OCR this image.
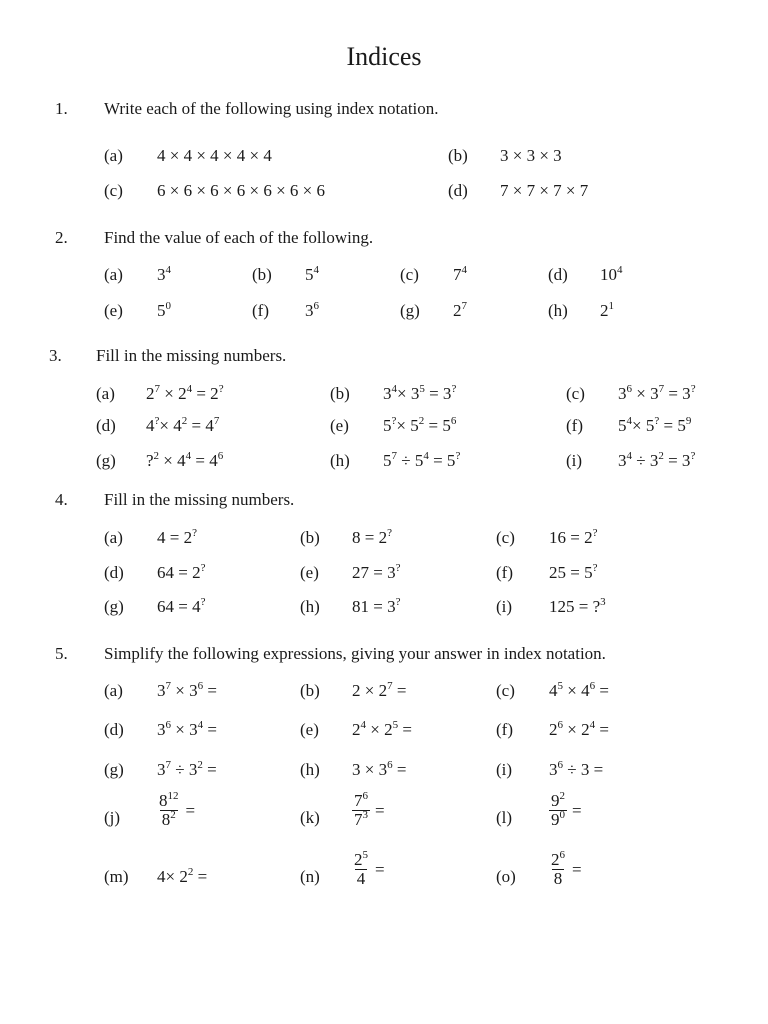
Indices
1. Write each of the following using index notation.
(a) 4 × 4 × 4 × 4 × 4	(b) 3 × 3 × 3
(c) 6 × 6 × 6 × 6 × 6 × 6 × 6	(d) 7 × 7 × 7 × 7
2. Find the value of each of the following.
(a) $3^4$	(b) $5^4$	(c) $7^4$	(d) $10^4$
(e) $5^0$	(f) $3^6$	(g) $2^7$	(h) $2^1$
3. Fill in the missing numbers.
(a) $2^7 \times 2^4 = 2^?$	(b) $3^4\times 3^5 = 3^?$	(c) $3^6 \times 3^7 = 3^?$
(d) $4^?\times 4^2 = 4^7$	(e) $5^?\times 5^2 = 5^6$	(f) $5^4\times 5^? = 5^9$
(g) ?$^2$ × $4^4 = 4^6$	(h) $5^7 \div 5^4 = 5^?$	(i) $3^4 \div 3^2 = 3^?$
4. Fill in the missing numbers.
(a) 4 = 2?	(b) 8 = 2?	(c) 16 = 2?
(d) 64 = 2?	(e) 27 = 3?	(f) 25 = 5?
(g) 64 = 4?	(h) 81 = 3?	(i) 125 = ?$^3$
5. Simplify the following expressions, giving your answer in index notation.
(a) $3^7 \times 3^6$ =	(b) $2 \times 2^7$ =	(c) $4^5 \times 4^6$ =
(d) $3^6 \times 3^4$ =	(e) $2^4 \times 2^5$ =	(f) $2^6 \times 2^4$ =
(g) $3^7 \div 3^2$ =	(h) $3 \times 3^6$ =	(i) $3^6 \div 3$ =
$(j) \frac{8^{12}}{8^2}$ =	$(k) \frac{7^6}{7^3}$ =	$(l) \frac{9^2}{9^0}$ =
(m) $4\times 2^2$ =	$(n) \frac{2^5}{4}$ =	$(o) \frac{2^6}{8}$ =
